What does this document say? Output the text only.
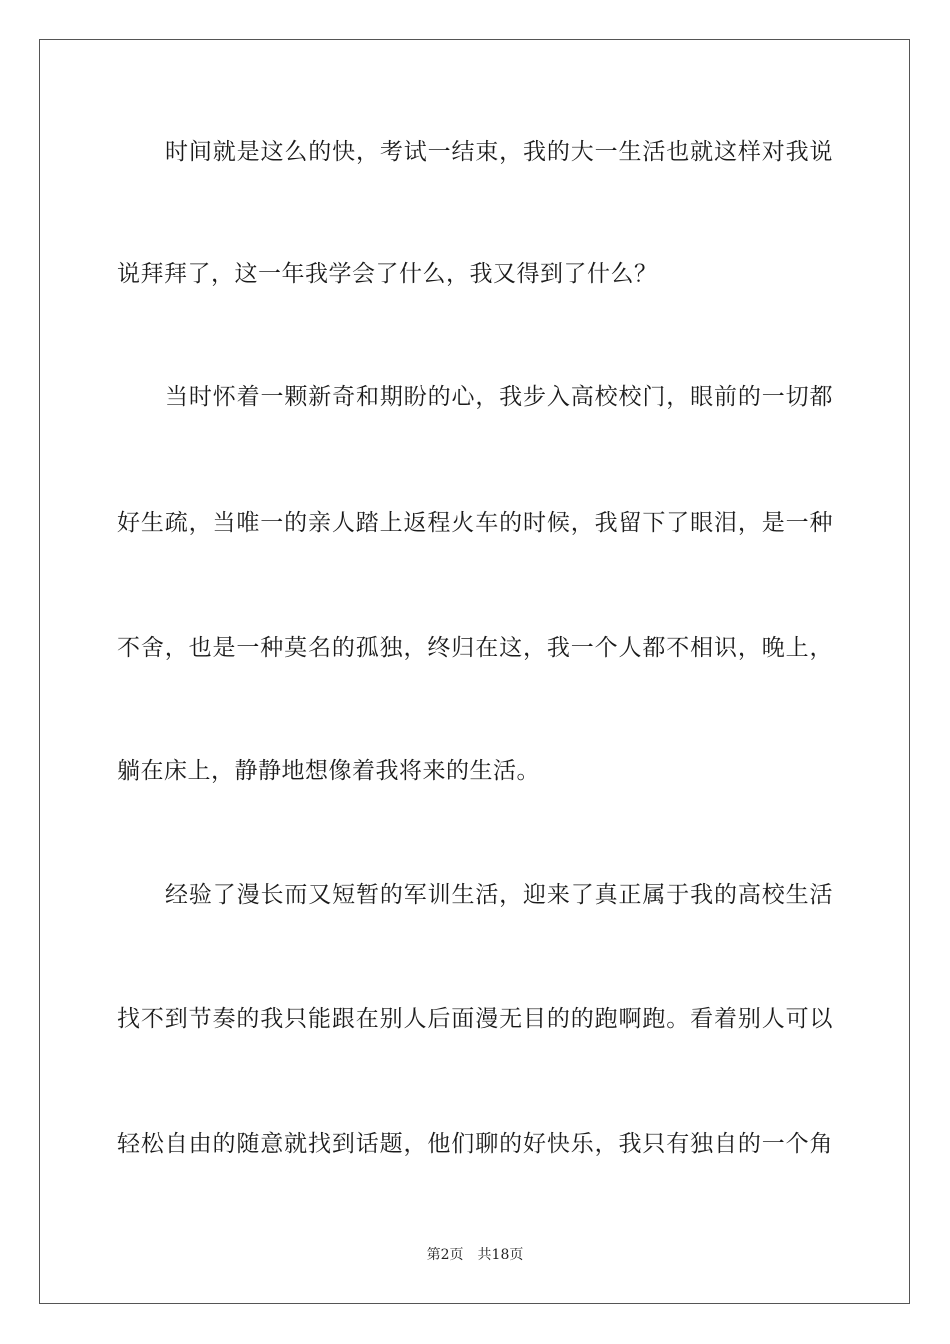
时间就是这么的快，考试一结束，我的大一生活也就这样对我说
说拜拜了，这一年我学会了什么，我又得到了什么？
当时怀着一颗新奇和期盼的心，我步入高校校门，眼前的一切都
好生疏，当唯一的亲人踏上返程火车的时候，我留下了眼泪，是一种
不舍，也是一种莫名的孤独，终归在这，我一个人都不相识，晚上，
躺在床上，静静地想像着我将来的生活。
经验了漫长而又短暂的军训生活，迎来了真正属于我的高校生活
找不到节奏的我只能跟在别人后面漫无目的的跑啊跑。看着别人可以
轻松自由的随意就找到话题，他们聊的好快乐，我只有独自的一个角
第2页 共18页
